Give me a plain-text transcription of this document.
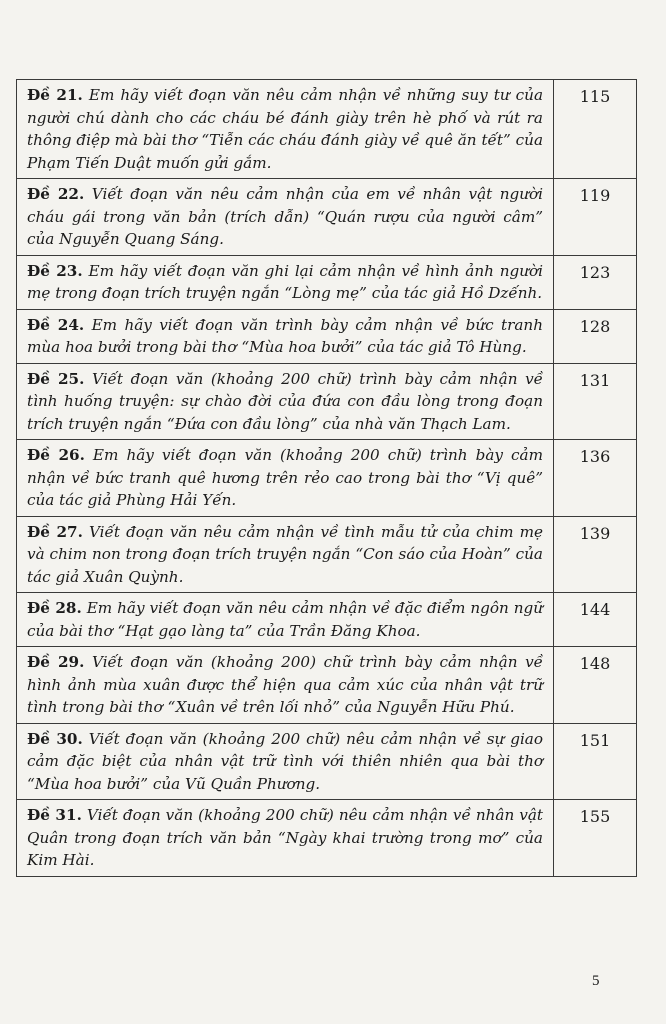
Đề 21. Em hãy viết đoạn văn nêu cảm nhận về những suy tư của người chú dành cho các cháu bé đánh giày trên hè phố và rút ra thông điệp mà bài thơ “Tiễn các cháu đánh giày về quê ăn tết” của Phạm Tiến Duật muốn gửi gắm.	115
Đề 22. Viết đoạn văn nêu cảm nhận của em về nhân vật người cháu gái trong văn bản (trích dẫn) “Quán rượu của người câm” của Nguyễn Quang Sáng.	119
Đề 23. Em hãy viết đoạn văn ghi lại cảm nhận về hình ảnh người mẹ trong đoạn trích truyện ngắn “Lòng mẹ” của tác giả Hồ Dzếnh.	123
Đề 24. Em hãy viết đoạn văn trình bày cảm nhận về bức tranh mùa hoa bưởi trong bài thơ “Mùa hoa bưởi” của tác giả Tô Hùng.	128
Đề 25. Viết đoạn văn (khoảng 200 chữ) trình bày cảm nhận về tình huống truyện: sự chào đời của đứa con đầu lòng trong đoạn trích truyện ngắn “Đứa con đầu lòng” của nhà văn Thạch Lam.	131
Đề 26. Em hãy viết đoạn văn (khoảng 200 chữ) trình bày cảm nhận về bức tranh quê hương trên rẻo cao trong bài thơ “Vị quê” của tác giả Phùng Hải Yến.	136
Đề 27. Viết đoạn văn nêu cảm nhận về tình mẫu tử của chim mẹ và chim non trong đoạn trích truyện ngắn “Con sáo của Hoàn” của tác giả Xuân Quỳnh.	139
Đề 28. Em hãy viết đoạn văn nêu cảm nhận về đặc điểm ngôn ngữ của bài thơ “Hạt gạo làng ta” của Trần Đăng Khoa.	144
Đề 29. Viết đoạn văn (khoảng 200) chữ trình bày cảm nhận về hình ảnh mùa xuân được thể hiện qua cảm xúc của nhân vật trữ tình trong bài thơ “Xuân về trên lối nhỏ” của Nguyễn Hữu Phú.	148
Đề 30. Viết đoạn văn (khoảng 200 chữ) nêu cảm nhận về sự giao cảm đặc biệt của nhân vật trữ tình với thiên nhiên qua bài thơ “Mùa hoa bưởi” của Vũ Quần Phương.	151
Đề 31. Viết đoạn văn (khoảng 200 chữ) nêu cảm nhận về nhân vật Quân trong đoạn trích văn bản “Ngày khai trường trong mơ” của Kim Hài.	155
5
